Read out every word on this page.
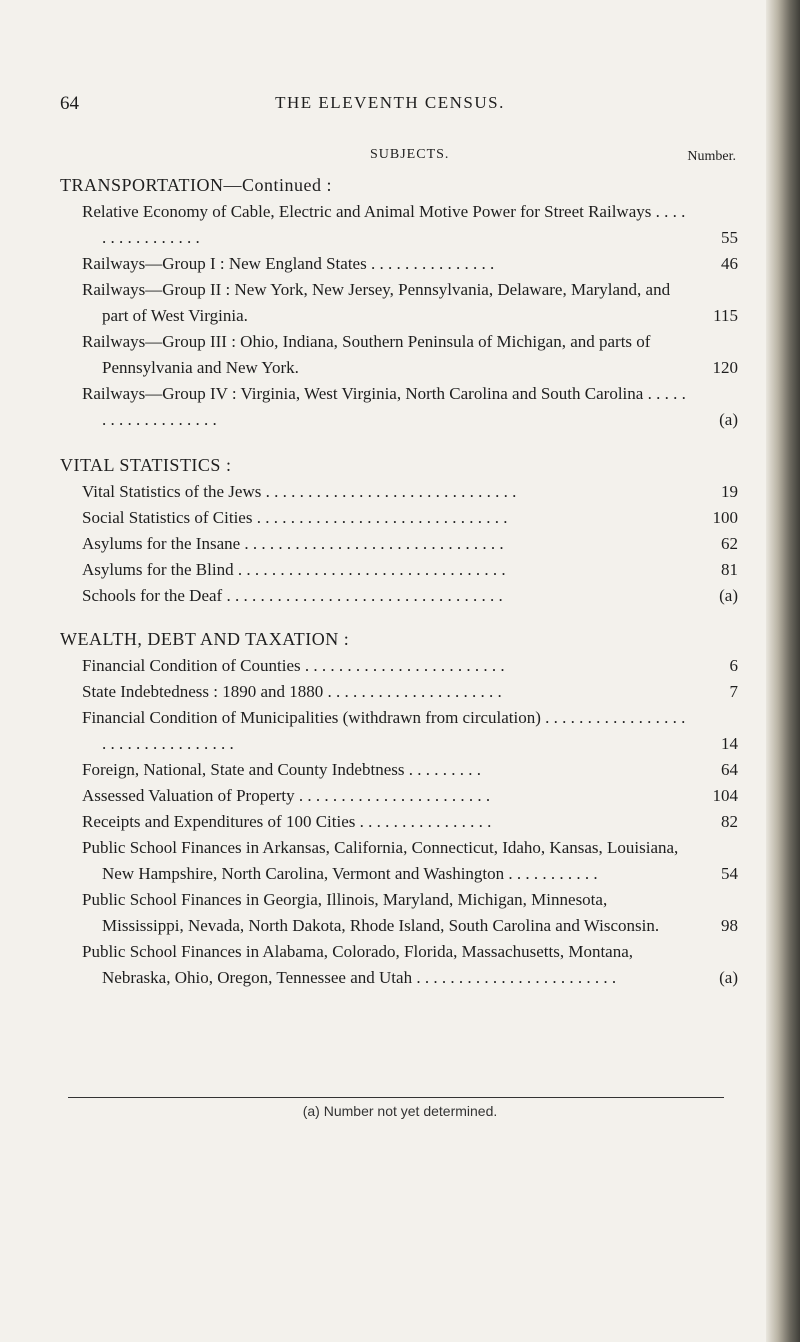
64	THE ELEVENTH CENSUS.
SUBJECTS.	Number.
TRANSPORTATION—Continued :
Relative Economy of Cable, Electric and Animal Motive Power for Street Railways . . . . . . . . . . . . . . . .	55
Railways—Group I : New England States . . . . . . . . . . . . . . .	46
Railways—Group II : New York, New Jersey, Pennsylvania, Delaware, Maryland, and part of West Virginia.	115
Railways—Group III : Ohio, Indiana, Southern Peninsula of Michigan, and parts of Pennsylvania and New York.	120
Railways—Group IV : Virginia, West Virginia, North Carolina and South Carolina . . . . . . . . . . . . . . . . . . .	(a)
VITAL STATISTICS :
Vital Statistics of the Jews . . . . . . . . . . . . . . . . . . . . . . . . . . . . . .	19
Social Statistics of Cities . . . . . . . . . . . . . . . . . . . . . . . . . . . . . .	100
Asylums for the Insane . . . . . . . . . . . . . . . . . . . . . . . . . . . . . . .	62
Asylums for the Blind . . . . . . . . . . . . . . . . . . . . . . . . . . . . . . . .	81
Schools for the Deaf . . . . . . . . . . . . . . . . . . . . . . . . . . . . . . . . .	(a)
WEALTH, DEBT AND TAXATION :
Financial Condition of Counties . . . . . . . . . . . . . . . . . . . . . . . .	6
State Indebtedness : 1890 and 1880 . . . . . . . . . . . . . . . . . . . . .	7
Financial Condition of Municipalities (withdrawn from circulation) . . . . . . . . . . . . . . . . . . . . . . . . . . . . . . . . .	14
Foreign, National, State and County Indebtness . . . . . . . . .	64
Assessed Valuation of Property . . . . . . . . . . . . . . . . . . . . . . .	104
Receipts and Expenditures of 100 Cities . . . . . . . . . . . . . . . .	82
Public School Finances in Arkansas, California, Connecticut, Idaho, Kansas, Louisiana, New Hampshire, North Carolina, Vermont and Washington . . . . . . . . . . .	54
Public School Finances in Georgia, Illinois, Maryland, Michigan, Minnesota, Mississippi, Nevada, North Dakota, Rhode Island, South Carolina and Wisconsin.	98
Public School Finances in Alabama, Colorado, Florida, Massachusetts, Montana, Nebraska, Ohio, Oregon, Tennessee and Utah . . . . . . . . . . . . . . . . . . . . . . . .	(a)
(a) Number not yet determined.
